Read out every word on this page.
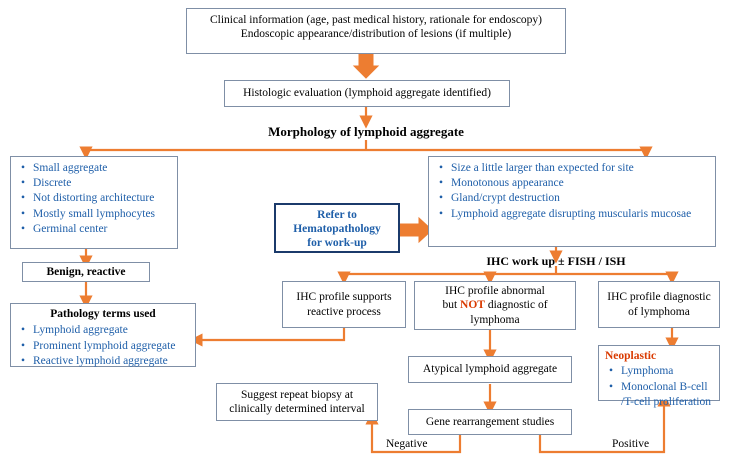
Clinical information (age, past medical history, rationale for endoscopy)
Endoscopic appearance/distribution of lesions (if multiple)
Histologic evaluation (lymphoid aggregate identified)
Morphology of lymphoid aggregate
• Small aggregate
• Discrete
• Not distorting architecture
• Mostly small lymphocytes
• Germinal center
• Size a little larger than expected for site
• Monotonous appearance
• Gland/crypt destruction
• Lymphoid aggregate disrupting muscularis mucosae
Refer to
Hematopathology
for work-up
Benign, reactive
IHC work up ± FISH / ISH
Pathology terms used
• Lymphoid aggregate
• Prominent lymphoid aggregate
• Reactive lymphoid aggregate
IHC profile supports
reactive process
IHC profile abnormal
but NOT diagnostic of lymphoma
IHC profile diagnostic
of lymphoma
Neoplastic
• Lymphoma
• Monoclonal B-cell /T-cell proliferation
Atypical lymphoid aggregate
Suggest repeat biopsy at
clinically determined interval
Gene rearrangement studies
Negative	Positive
